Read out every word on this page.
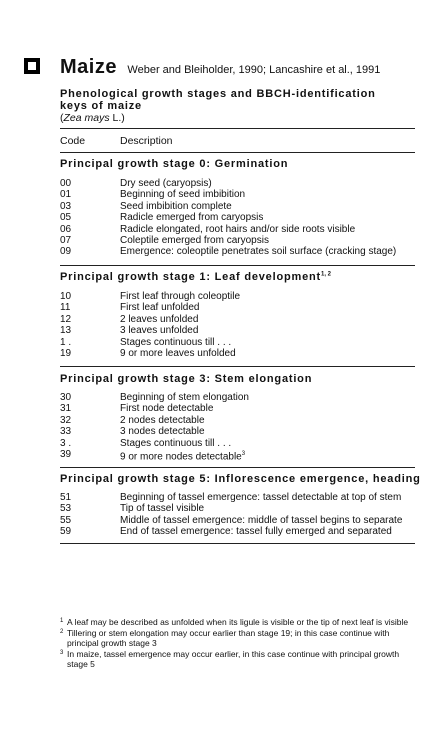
Maize Weber and Bleiholder, 1990; Lancashire et al., 1991
Phenological growth stages and BBCH-identification keys of maize
(Zea mays L.)
Code	Description
Principal growth stage 0: Germination
00	Dry seed (caryopsis)
01	Beginning of seed imbibition
03	Seed imbibition complete
05	Radicle emerged from caryopsis
06	Radicle elongated, root hairs and/or side roots visible
07	Coleptile emerged from caryopsis
09	Emergence: coleoptile penetrates soil surface (cracking stage)
Principal growth stage 1: Leaf development$^{1, 2}$
10	First leaf through coleoptile
11	First leaf unfolded
12	2 leaves unfolded
13	3 leaves unfolded
1 .	Stages continuous till . . .
19	9 or more leaves unfolded
Principal growth stage 3: Stem elongation
30	Beginning of stem elongation
31	First node detectable
32	2 nodes detectable
33	3 nodes detectable
3 .	Stages continuous till . . .
39	9 or more nodes detectable$^3$
Principal growth stage 5: Inflorescence emergence, heading
51	Beginning of tassel emergence: tassel detectable at top of stem
53	Tip of tassel visible
55	Middle of tassel emergence: middle of tassel begins to separate
59	End of tassel emergence: tassel fully emerged and separated
1 A leaf may be described as unfolded when its ligule is visible or the tip of next leaf is visible
2 Tillering or stem elongation may occur earlier than stage 19; in this case continue with principal growth stage 3
3 In maize, tassel emergence may occur earlier, in this case continue with principal growth stage 5
